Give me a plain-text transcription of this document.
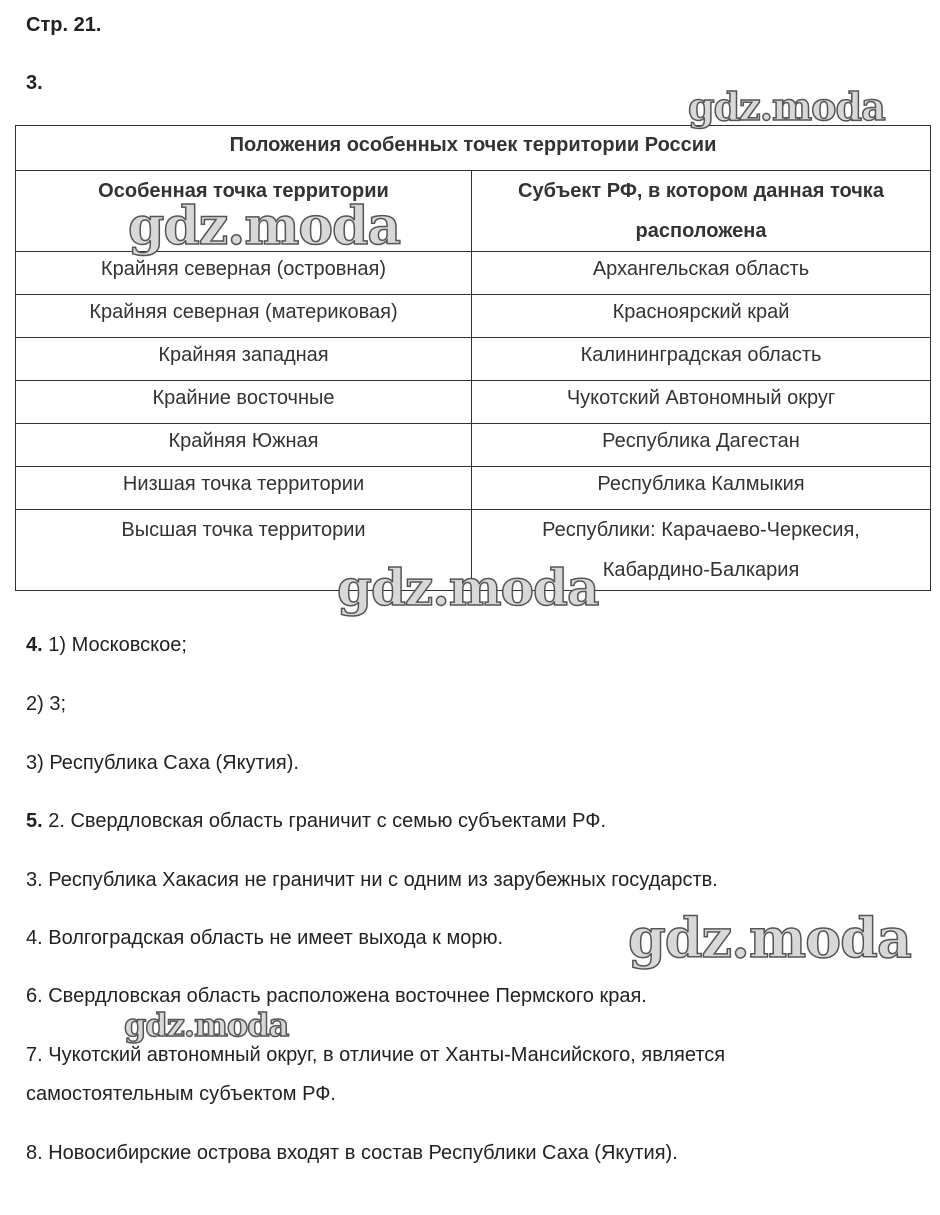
Стр. 21.
3.
Положения особенных точек территории России	
Особенная точка территории	Субъект РФ, в котором данная точка расположена
Крайняя северная (островная)	Архангельская область
Крайняя северная (материковая)	Красноярский край
Крайняя западная	Калининградская область
Крайние восточные	Чукотский Автономный округ
Крайняя Южная	Республика Дагестан
Низшая точка территории	Республика Калмыкия
Высшая точка территории	Республики: Карачаево-Черкесия, Кабардино-Балкария
4. 1) Московское;
2) 3;
3) Республика Саха (Якутия).
5. 2. Свердловская область граничит с семью субъектами РФ.
3. Республика Хакасия не граничит ни с одним из зарубежных государств.
4. Волгоградская область не имеет выхода к морю.
6. Свердловская область расположена восточнее Пермского края.
7. Чукотский автономный округ, в отличие от Ханты-Мансийского, является самостоятельным субъектом РФ.
8. Новосибирские острова входят в состав Республики Саха (Якутия).
gdz.moda
gdz.moda
gdz.moda
gdz.moda
gdz.moda
